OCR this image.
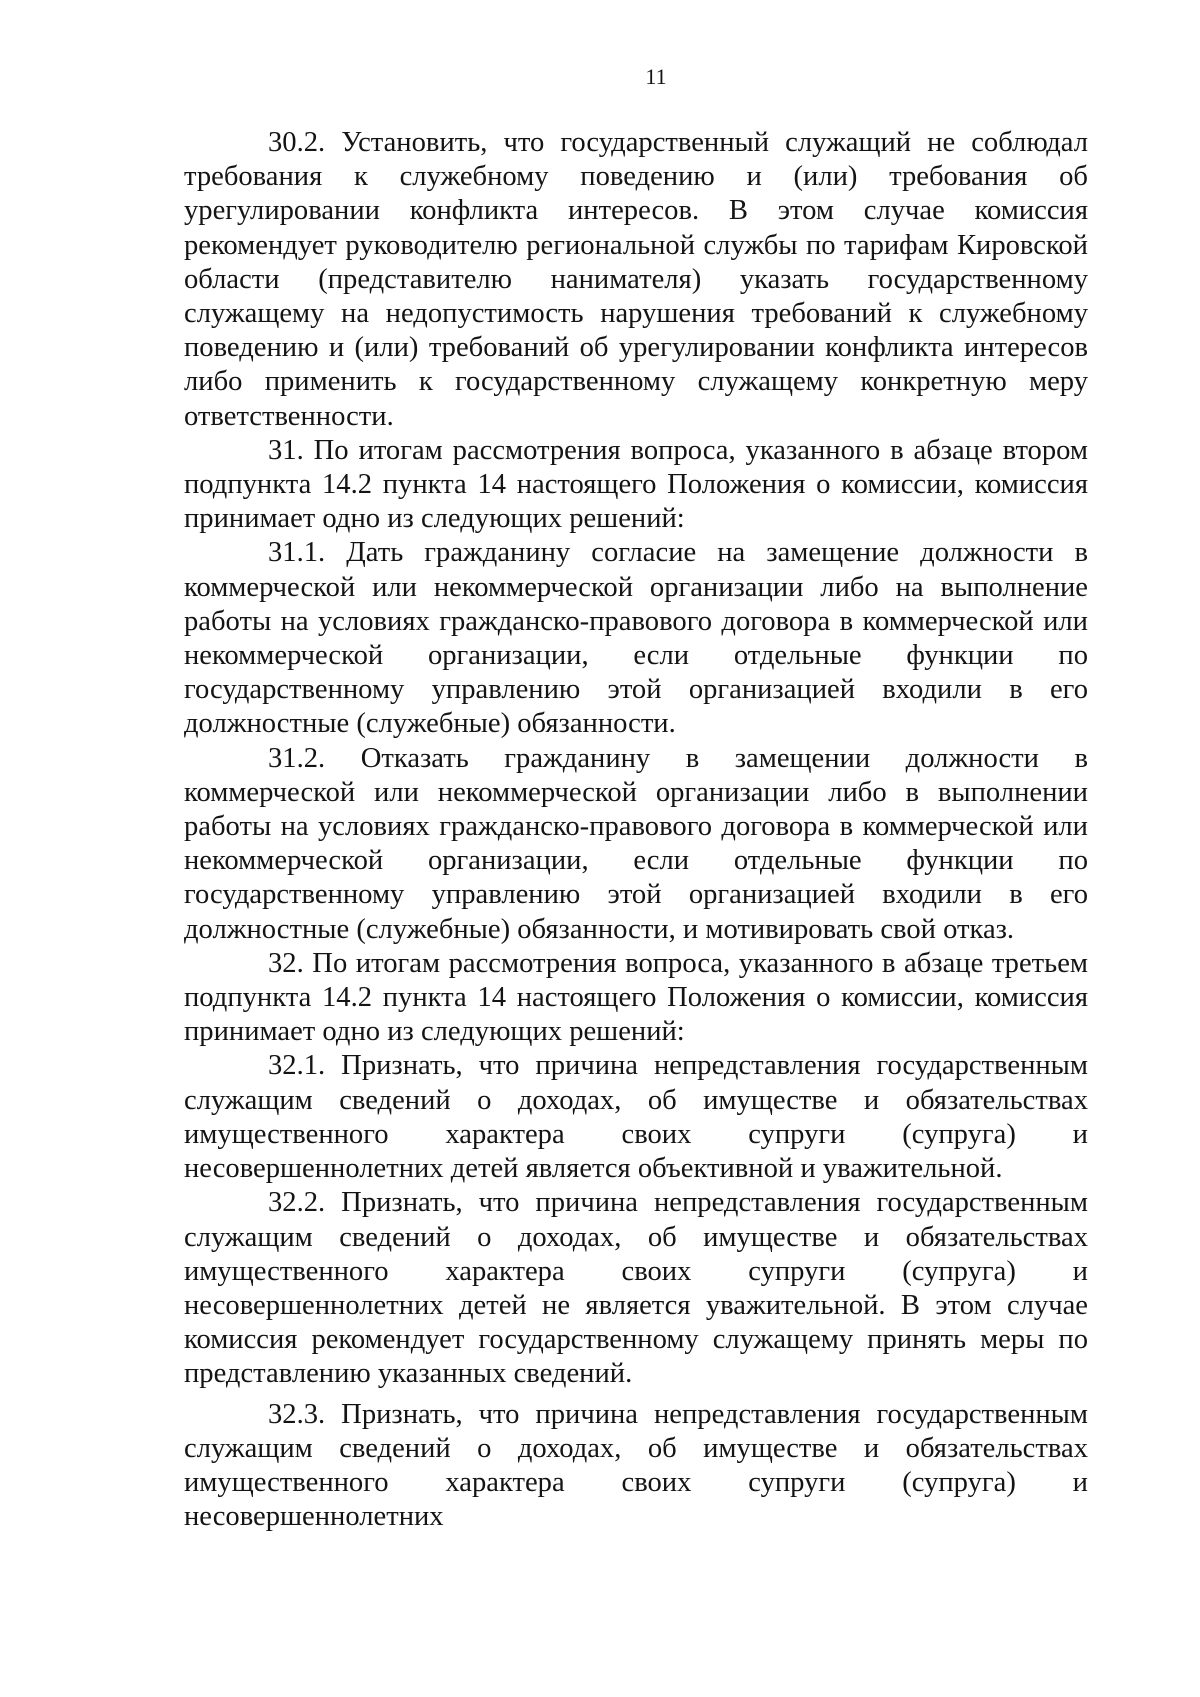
11

30.2. Установить, что государственный служащий не соблюдал требования к служебному поведению и (или) требования об урегулировании конфликта интересов. В этом случае комиссия рекомендует руководителю региональной службы по тарифам Кировской области (представителю нанимателя) указать государственному служащему на недопустимость нарушения требований к служебному поведению и (или) требований об урегулировании конфликта интересов либо применить к государственному служащему конкретную меру ответственности.

31. По итогам рассмотрения вопроса, указанного в абзаце втором подпункта 14.2 пункта 14 настоящего Положения о комиссии, комиссия принимает одно из следующих решений:

31.1. Дать гражданину согласие на замещение должности в коммерческой или некоммерческой организации либо на выполнение работы на условиях гражданско-правового договора в коммерческой или некоммерческой организации, если отдельные функции по государственному управлению этой организацией входили в его должностные (служебные) обязанности.

31.2. Отказать гражданину в замещении должности в коммерческой или некоммерческой организации либо в выполнении работы на условиях гражданско-правового договора в коммерческой или некоммерческой организации, если отдельные функции по государственному управлению этой организацией входили в его должностные (служебные) обязанности, и мотивировать свой отказ.

32. По итогам рассмотрения вопроса, указанного в абзаце третьем подпункта 14.2 пункта 14 настоящего Положения о комиссии, комиссия принимает одно из следующих решений:

32.1. Признать, что причина непредставления государственным служащим сведений о доходах, об имуществе и обязательствах имущественного характера своих супруги (супруга) и несовершеннолетних детей является объективной и уважительной.

32.2. Признать, что причина непредставления государственным служащим сведений о доходах, об имуществе и обязательствах имущественного характера своих супруги (супруга) и несовершеннолетних детей не является уважительной. В этом случае комиссия рекомендует государственному служащему принять меры по представлению указанных сведений.

32.3. Признать, что причина непредставления государственным служащим сведений о доходах, об имуществе и обязательствах имущественного характера своих супруги (супруга) и несовершеннолетних
